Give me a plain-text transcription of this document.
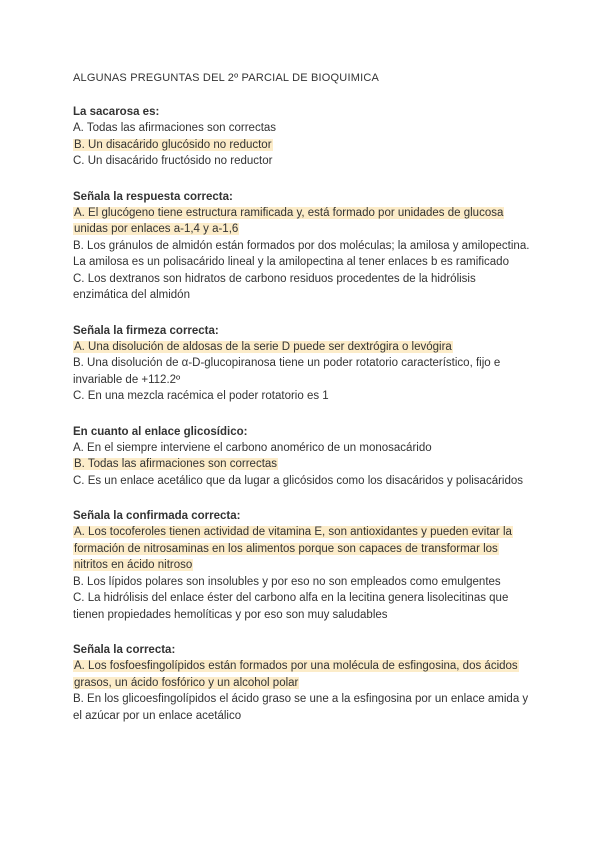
ALGUNAS PREGUNTAS DEL 2º PARCIAL DE BIOQUIMICA

La sacarosa es:

A. Todas las afirmaciones son correctas

B. Un disacárido glucósido no reductor

C. Un disacárido fructósido no reductor

Señala la respuesta correcta:

A. El glucógeno tiene estructura ramificada y, está formado por unidades de glucosa unidas por enlaces a-1,4 y a-1,6

B. Los gránulos de almidón están formados por dos moléculas; la amilosa y amilopectina. La amilosa es un polisacárido lineal y la amilopectina al tener enlaces b es ramificado

C. Los dextranos son hidratos de carbono residuos procedentes de la hidrólisis enzimática del almidón

Señala la firmeza correcta:

A. Una disolución de aldosas de la serie D puede ser dextrógira o levógira

B. Una disolución de α-D-glucopiranosa tiene un poder rotatorio característico, fijo e invariable de +112.2º

C. En una mezcla racémica el poder rotatorio es 1

En cuanto al enlace glicosídico:

A. En el siempre interviene el carbono anomérico de un monosacárido

B. Todas las afirmaciones son correctas

C. Es un enlace acetálico que da lugar a glicósidos como los disacáridos y polisacáridos

Señala la confirmada correcta:

A. Los tocoferoles tienen actividad de vitamina E, son antioxidantes y pueden evitar la formación de nitrosaminas en los alimentos porque son capaces de transformar los nitritos en ácido nitroso

B. Los lípidos polares son insolubles y por eso no son empleados como emulgentes

C. La hidrólisis del enlace éster del carbono alfa en la lecitina genera lisolecitinas que tienen propiedades hemolíticas y por eso son muy saludables

Señala la correcta:

A. Los fosfoesfingolípidos están formados por una molécula de esfingosina, dos ácidos grasos, un ácido fosfórico y un alcohol polar

B. En los glicoesfingolípidos el ácido graso se une a la esfingosina por un enlace amida y el azúcar por un enlace acetálico
